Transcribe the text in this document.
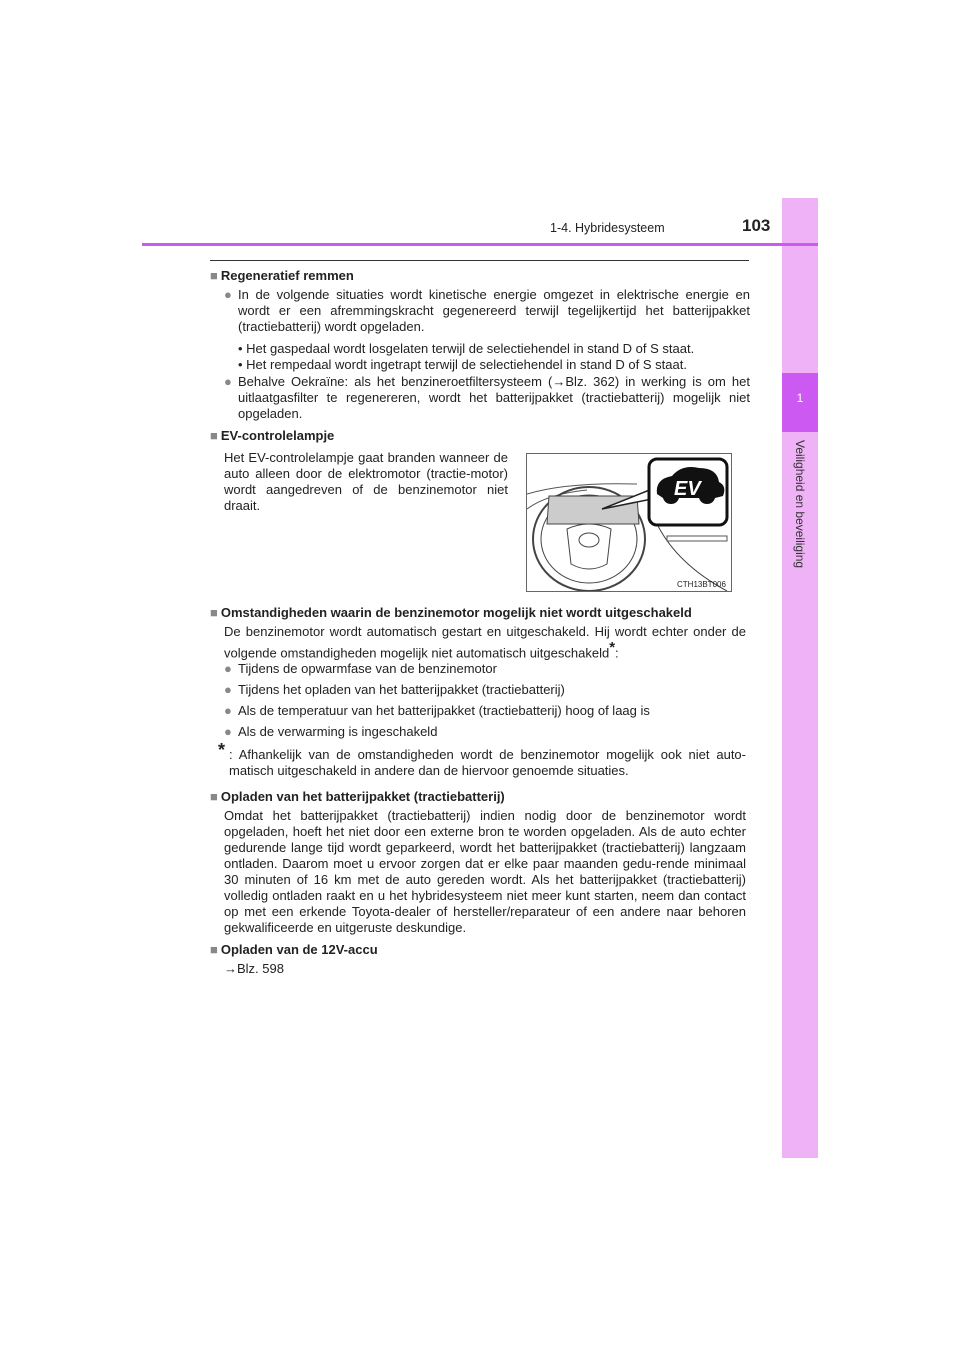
1
Veiligheid en beveiliging
1-4. Hybridesysteem	103
■ Regeneratief remmen
● In de volgende situaties wordt kinetische energie omgezet in elektrische energie en wordt er een afremmingskracht gegenereerd terwijl tegelijkertijd het batterijpakket (tractiebatterij) wordt opgeladen.
• Het gaspedaal wordt losgelaten terwijl de selectiehendel in stand D of S staat.
• Het rempedaal wordt ingetrapt terwijl de selectiehendel in stand D of S staat.
● Behalve Oekraïne: als het benzineroetfiltersysteem (→Blz. 362) in werking is om het uitlaatgasfilter te regenereren, wordt het batterijpakket (tractiebatterij) mogelijk niet opgeladen.
■ EV-controlelampje
Het EV-controlelampje gaat branden wanneer de auto alleen door de elektromotor (tractie-motor) wordt aangedreven of de benzinemotor niet draait.
EV
CTH13BT006
■ Omstandigheden waarin de benzinemotor mogelijk niet wordt uitgeschakeld
De benzinemotor wordt automatisch gestart en uitgeschakeld. Hij wordt echter onder de volgende omstandigheden mogelijk niet automatisch uitgeschakeld*:
● Tijdens de opwarmfase van de benzinemotor
● Tijdens het opladen van het batterijpakket (tractiebatterij)
● Als de temperatuur van het batterijpakket (tractiebatterij) hoog of laag is
● Als de verwarming is ingeschakeld
* : Afhankelijk van de omstandigheden wordt de benzinemotor mogelijk ook niet auto-matisch uitgeschakeld in andere dan de hiervoor genoemde situaties.
■ Opladen van het batterijpakket (tractiebatterij)
Omdat het batterijpakket (tractiebatterij) indien nodig door de benzinemotor wordt opgeladen, hoeft het niet door een externe bron te worden opgeladen. Als de auto echter gedurende lange tijd wordt geparkeerd, wordt het batterijpakket (tractiebatterij) langzaam ontladen. Daarom moet u ervoor zorgen dat er elke paar maanden gedu-rende minimaal 30 minuten of 16 km met de auto gereden wordt. Als het batterijpakket (tractiebatterij) volledig ontladen raakt en u het hybridesysteem niet meer kunt starten, neem dan contact op met een erkende Toyota-dealer of hersteller/reparateur of een andere naar behoren gekwalificeerde en uitgeruste deskundige.
■ Opladen van de 12V-accu
→Blz. 598
